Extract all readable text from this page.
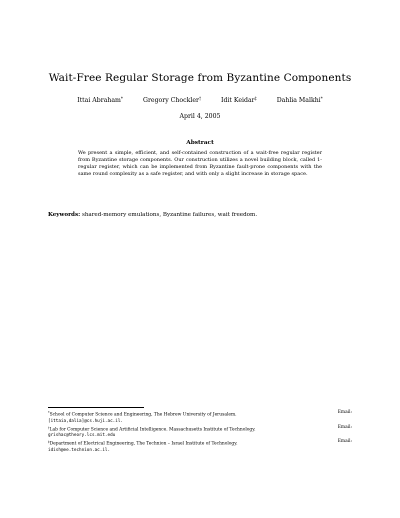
Wait-Free Regular Storage from Byzantine Components
Ittai Abraham*	Gregory Chockler†	Idit Keidar‡	Dahlia Malkhi*
April 4, 2005
Abstract
We present a simple, efficient, and self-contained construction of a wait-free regular register from Byzantine storage components. Our construction utilizes a novel building block, called 1-regular register, which can be implemented from Byzantine fault-prone components with the same round complexity as a safe register, and with only a slight increase in storage space.
Keywords: shared-memory emulations, Byzantine failures, wait freedom.
*School of Computer Science and Engineering, The Hebrew University of Jerusalem.	Email:
[ittaia,dalia]@cs.huji.ac.il.
†Lab for Computer Science and Artificial Intelligence. Massachusetts Institute of Technology.	Email:
grishac@theory.lcs.mit.edu
‡Department of Electrical Engineering, The Technion – Israel Institute of Technology.	Email:
idish@ee.technion.ac.il.
